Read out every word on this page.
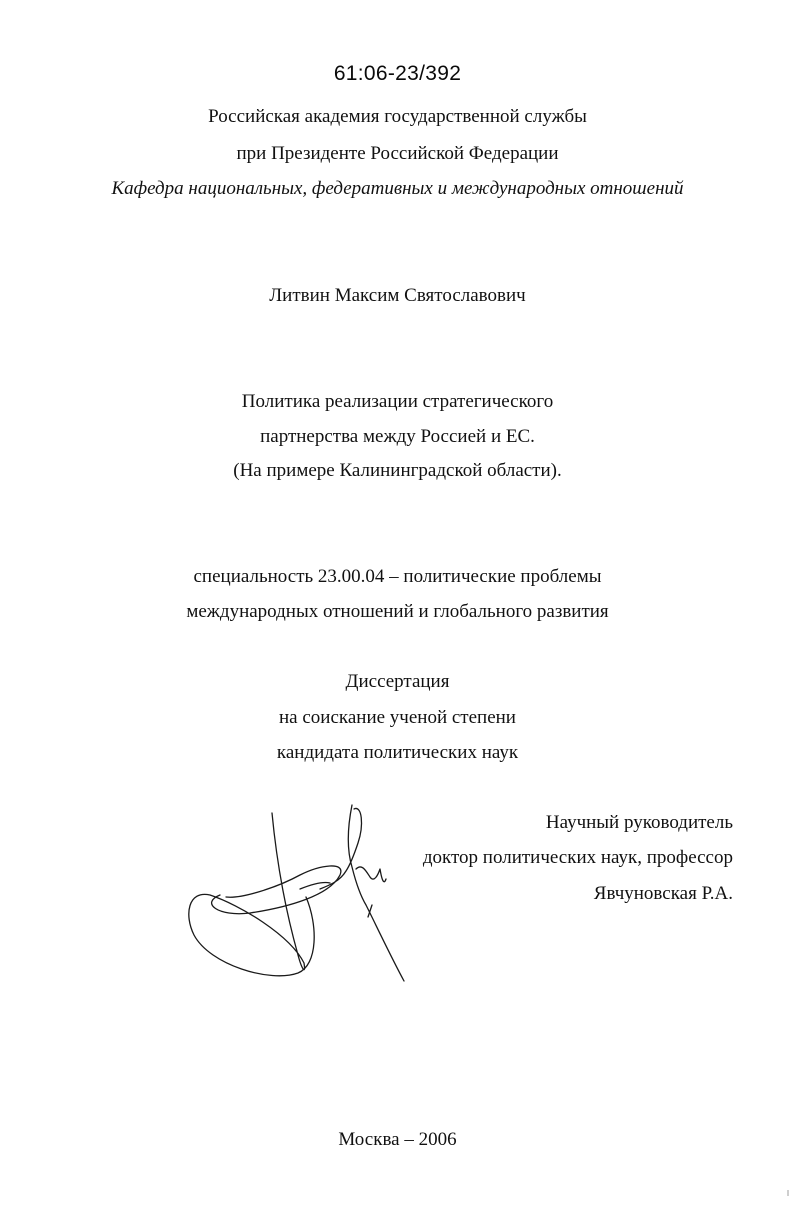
61:06-23/392
Российская академия государственной службы
при Президенте Российской Федерации
Кафедра национальных, федеративных и международных отношений
Литвин Максим Святославович
Политика реализации стратегического
партнерства между Россией и ЕС.
(На примере Калининградской области).
специальность 23.00.04 – политические проблемы
международных отношений и глобального развития
Диссертация
на соискание ученой степени
кандидата политических наук
Научный руководитель
доктор политических наук, профессор
Явчуновская Р.А.
Москва – 2006
